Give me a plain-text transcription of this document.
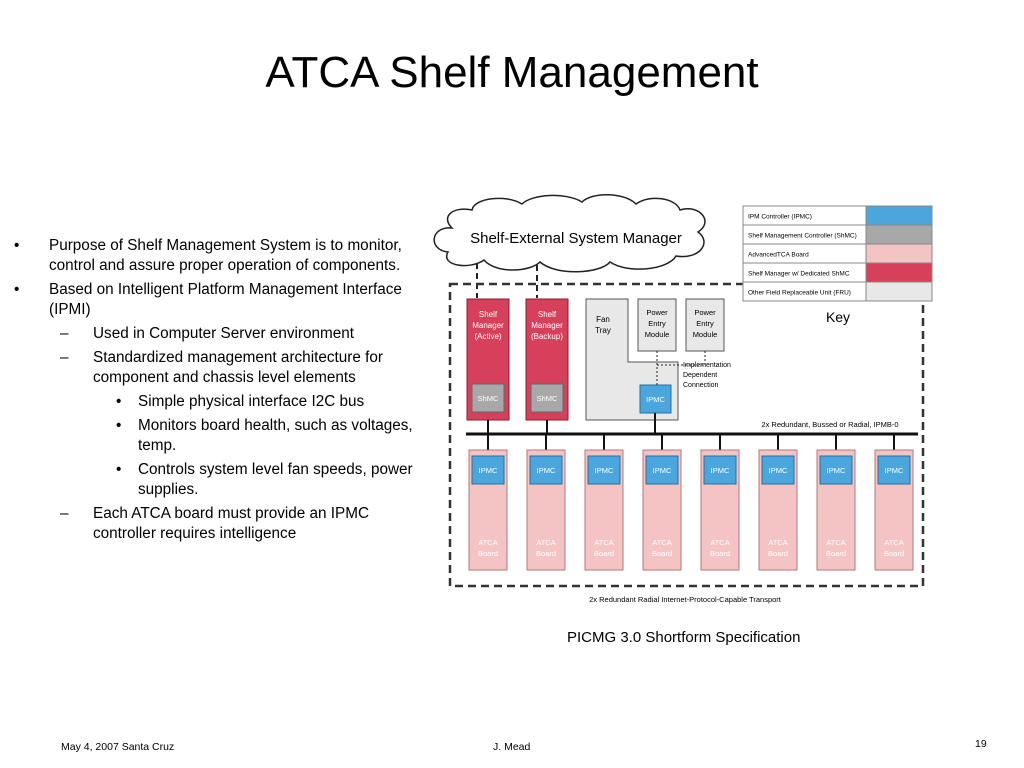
ATCA Shelf Management
• Purpose of Shelf Management System is to monitor, control and assure proper operation of components.
• Based on Intelligent Platform Management Interface (IPMI)
– Used in Computer Server environment
– Standardized management architecture for component and chassis level elements
• Simple physical interface I2C bus
• Monitors board health, such as voltages, temp.
• Controls system level fan speeds, power supplies.
– Each ATCA board must provide an IPMC controller requires intelligence
Shelf-External System Manager
Shelf
Manager
(Active)
ShMC
Shelf
Manager
(Backup)
ShMC
Fan
Tray
IPMC
Power
Entry
Module
Power
Entry
Module
Implementation
Dependent
Connection
2x Redundant, Bussed or Radial, IPMB-0
IPMC
ATCA
Board
IPMC
ATCA
Board
IPMC
ATCA
Board
IPMC
ATCA
Board
IPMC
ATCA
Board
IPMC
ATCA
Board
IPMC
ATCA
Board
IPMC
ATCA
Board
2x Redundant Radial Internet-Protocol-Capable Transport
Key
IPM Controller (IPMC)
Shelf Management Controller (ShMC)
AdvancedTCA Board
Shelf Manager w/ Dedicated ShMC
Other Field Replaceable Unit (FRU)
PICMG 3.0 Shortform Specification
May 4, 2007 Santa Cruz	J. Mead	19
